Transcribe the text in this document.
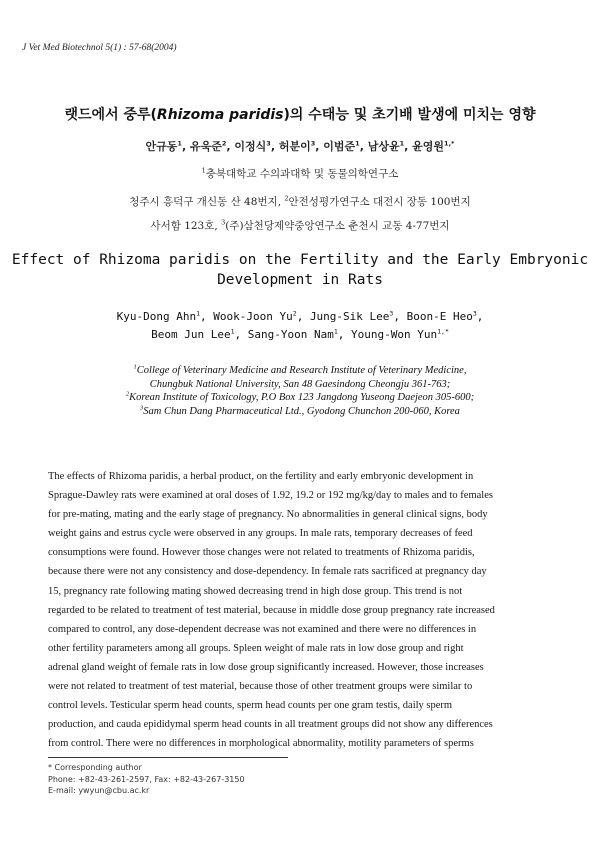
J Vet Med Biotechnol 5(1) : 57-68(2004)
랫드에서 중루(Rhizoma paridis)의 수태능 및 초기배 발생에 미치는 영향
안규동$^1$, 유욱준$^2$, 이정식$^3$, 허분이$^3$, 이범준$^1$, 남상윤$^1$, 윤영원$^{1,*}$
$^1$충북대학교 수의과대학 및 동물의학연구소
청주시 흥덕구 개신동 산 48번지, $^2$안전성평가연구소 대전시 장동 100번지
사서함 123호, $^3$(주)삼천당제약중앙연구소 춘천시 교동 4-77번지
Effect of Rhizoma paridis on the Fertility and the Early Embryonic
Development in Rats
Kyu-Dong Ahn$^1$, Wook-Joon Yu$^2$, Jung-Sik Lee$^3$, Boon-E Heo$^3$,
Beom Jun Lee$^1$, Sang-Yoon Nam$^1$, Young-Won Yun$^{1,*}$
$^1$College of Veterinary Medicine and Research Institute of Veterinary Medicine,
Chungbuk National University, San 48 Gaesindong Cheongju 361-763;
$^2$Korean Institute of Toxicology, P.O Box 123 Jangdong Yuseong Daejeon 305-600;
$^3$Sam Chun Dang Pharmaceutical Ltd., Gyodong Chunchon 200-060, Korea
The effects of Rhizoma paridis, a herbal product, on the fertility and early embryonic development in
Sprague-Dawley rats were examined at oral doses of 1.92, 19.2 or 192 mg/kg/day to males and to females
for pre-mating, mating and the early stage of pregnancy. No abnormalities in general clinical signs, body
weight gains and estrus cycle were observed in any groups. In male rats, temporary decreases of feed
consumptions were found. However those changes were not related to treatments of Rhizoma paridis,
because there were not any consistency and dose-dependency. In female rats sacrificed at pregnancy day
15, pregnancy rate following mating showed decreasing trend in high dose group. This trend is not
regarded to be related to treatment of test material, because in middle dose group pregnancy rate increased
compared to control, any dose-dependent decrease was not examined and there were no differences in
other fertility parameters among all groups. Spleen weight of male rats in low dose group and right
adrenal gland weight of female rats in low dose group significantly increased. However, those increases
were not related to treatment of test material, because those of other treatment groups were similar to
control levels. Testicular sperm head counts, sperm head counts per one gram testis, daily sperm
production, and cauda epididymal sperm head counts in all treatment groups did not show any differences
from control. There were no differences in morphological abnormality, motility parameters of sperms
* Corresponding author
Phone: +82-43-261-2597, Fax: +82-43-267-3150
E-mail: ywyun@cbu.ac.kr
